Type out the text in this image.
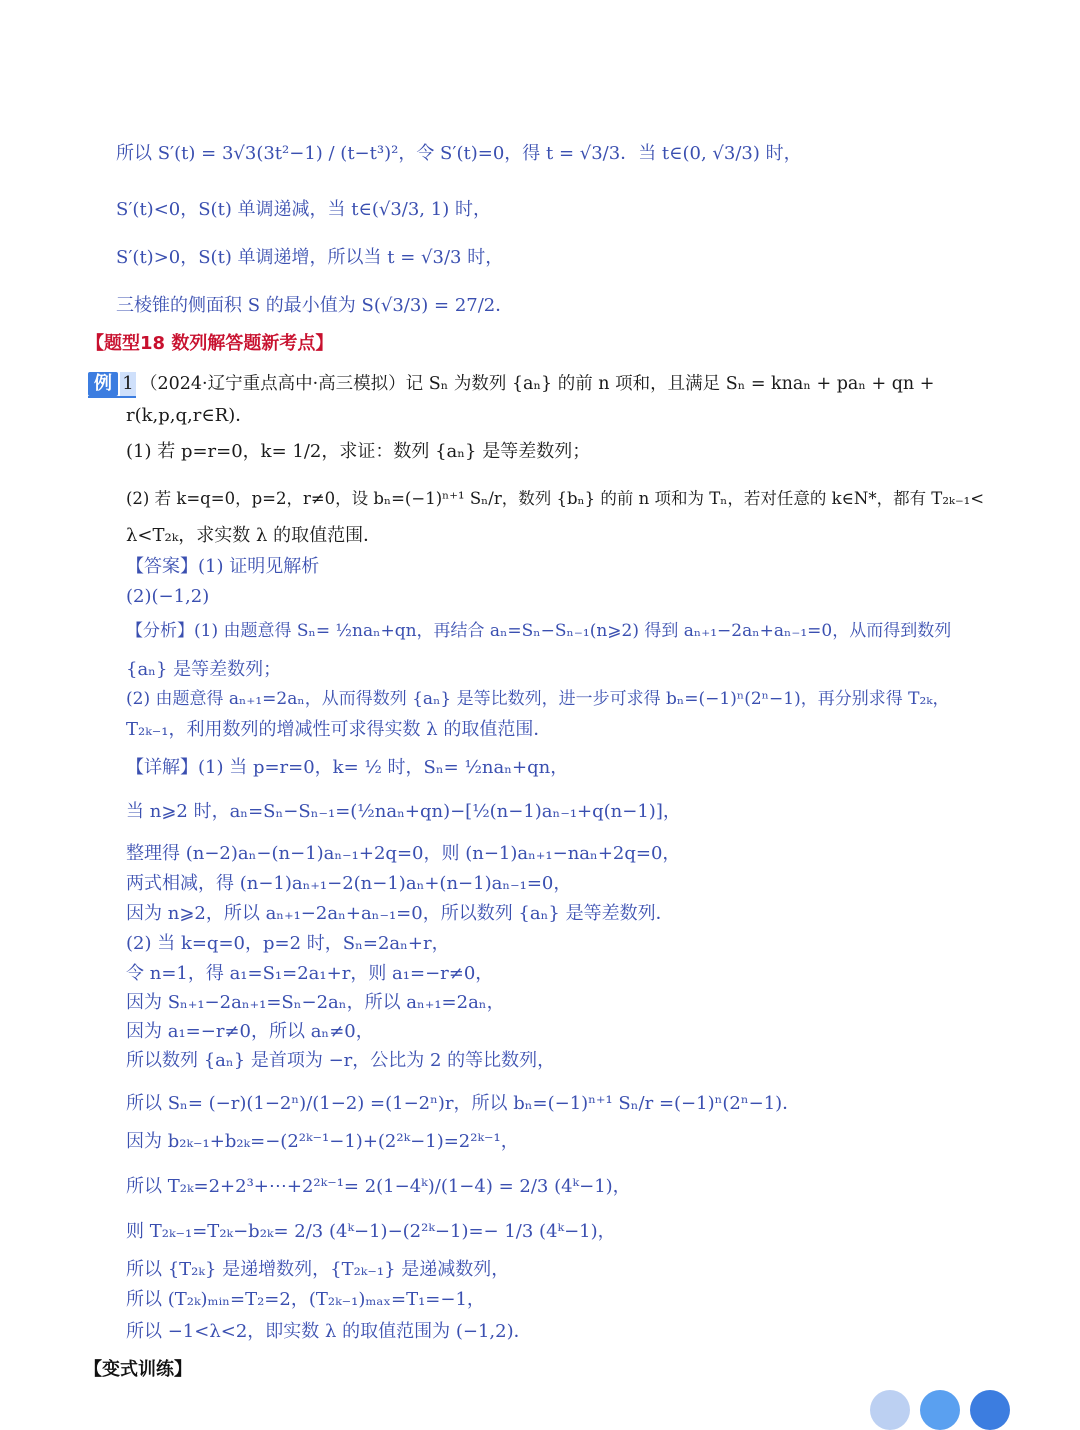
所以 S′(t) = 3√3(3t²−1) / (t−t³)²，令 S′(t)=0，得 t = √3/3．当 t∈(0, √3/3) 时，
S′(t)<0，S(t) 单调递减，当 t∈(√3/3, 1) 时，
S′(t)>0，S(t) 单调递增，所以当 t = √3/3 时，
三棱锥的侧面积 S 的最小值为 S(√3/3) = 27/2．
【题型18 数列解答题新考点】
例 1 （2024·辽宁重点高中·高三模拟）记 Sₙ 为数列 {aₙ} 的前 n 项和，且满足 Sₙ = knaₙ + paₙ + qn +
r(k,p,q,r∈R)．
(1) 若 p=r=0，k= 1/2，求证：数列 {aₙ} 是等差数列；
(2) 若 k=q=0，p=2，r≠0，设 bₙ=(−1)ⁿ⁺¹ Sₙ/r，数列 {bₙ} 的前 n 项和为 Tₙ，若对任意的 k∈N*，都有 T₂ₖ₋₁<
λ<T₂ₖ，求实数 λ 的取值范围．
【答案】(1) 证明见解析
(2)(−1,2)
【分析】(1) 由题意得 Sₙ= ½naₙ+qn，再结合 aₙ=Sₙ−Sₙ₋₁(n⩾2) 得到 aₙ₊₁−2aₙ+aₙ₋₁=0，从而得到数列
{aₙ} 是等差数列；
(2) 由题意得 aₙ₊₁=2aₙ，从而得数列 {aₙ} 是等比数列，进一步可求得 bₙ=(−1)ⁿ(2ⁿ−1)，再分别求得 T₂ₖ，
T₂ₖ₋₁，利用数列的增减性可求得实数 λ 的取值范围．
【详解】(1) 当 p=r=0，k= ½ 时，Sₙ= ½naₙ+qn，
当 n⩾2 时，aₙ=Sₙ−Sₙ₋₁=(½naₙ+qn)−[½(n−1)aₙ₋₁+q(n−1)]，
整理得 (n−2)aₙ−(n−1)aₙ₋₁+2q=0，则 (n−1)aₙ₊₁−naₙ+2q=0，
两式相减，得 (n−1)aₙ₊₁−2(n−1)aₙ+(n−1)aₙ₋₁=0，
因为 n⩾2，所以 aₙ₊₁−2aₙ+aₙ₋₁=0，所以数列 {aₙ} 是等差数列．
(2) 当 k=q=0，p=2 时，Sₙ=2aₙ+r，
令 n=1，得 a₁=S₁=2a₁+r，则 a₁=−r≠0，
因为 Sₙ₊₁−2aₙ₊₁=Sₙ−2aₙ，所以 aₙ₊₁=2aₙ，
因为 a₁=−r≠0，所以 aₙ≠0，
所以数列 {aₙ} 是首项为 −r，公比为 2 的等比数列，
所以 Sₙ= (−r)(1−2ⁿ)/(1−2) =(1−2ⁿ)r，所以 bₙ=(−1)ⁿ⁺¹ Sₙ/r =(−1)ⁿ(2ⁿ−1)．
因为 b₂ₖ₋₁+b₂ₖ=−(2²ᵏ⁻¹−1)+(2²ᵏ−1)=2²ᵏ⁻¹，
所以 T₂ₖ=2+2³+⋯+2²ᵏ⁻¹= 2(1−4ᵏ)/(1−4) = 2/3 (4ᵏ−1)，
则 T₂ₖ₋₁=T₂ₖ−b₂ₖ= 2/3 (4ᵏ−1)−(2²ᵏ−1)=− 1/3 (4ᵏ−1)，
所以 {T₂ₖ} 是递增数列，{T₂ₖ₋₁} 是递减数列，
所以 (T₂ₖ)ₘᵢₙ=T₂=2，(T₂ₖ₋₁)ₘₐₓ=T₁=−1，
所以 −1<λ<2，即实数 λ 的取值范围为 (−1,2)．
【变式训练】
